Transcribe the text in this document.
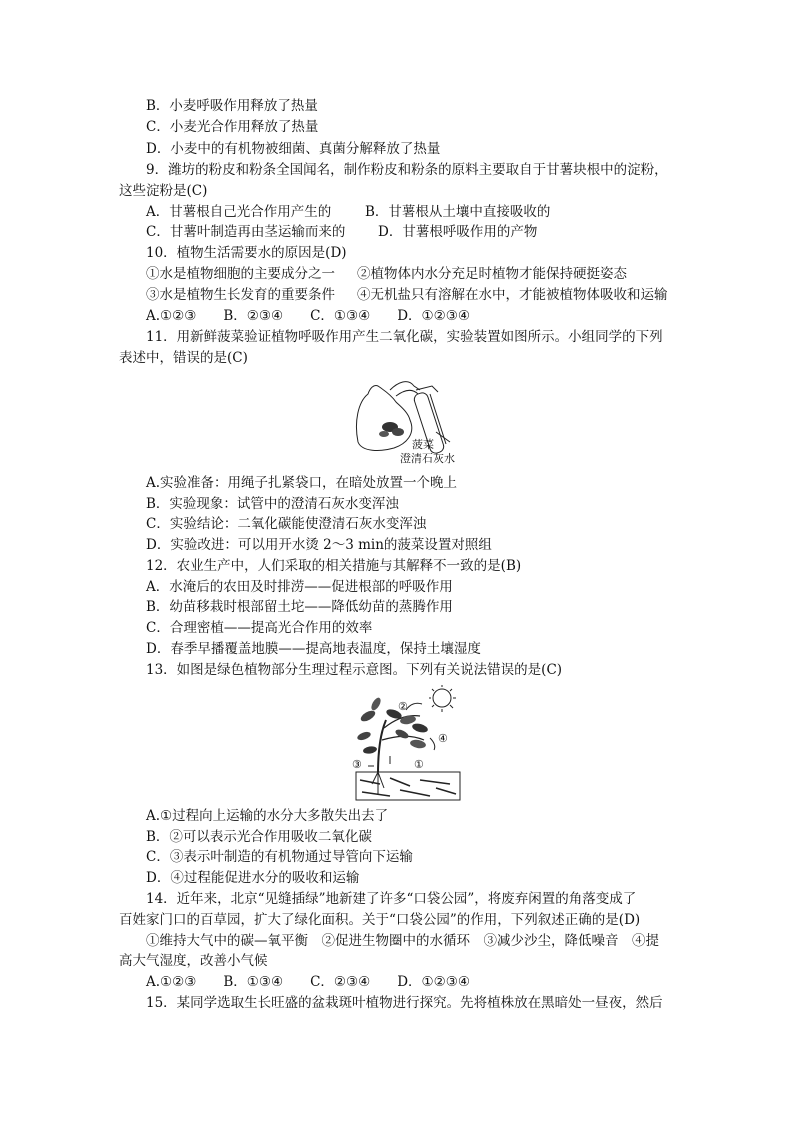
B．小麦呼吸作用释放了热量
C．小麦光合作用释放了热量
D．小麦中的有机物被细菌、真菌分解释放了热量
9．潍坊的粉皮和粉条全国闻名，制作粉皮和粉条的原料主要取自于甘薯块根中的淀粉，
这些淀粉是(C)
A．甘薯根自己光合作用产生的	B．甘薯根从土壤中直接吸收的
C．甘薯叶制造再由茎运输而来的 D．甘薯根呼吸作用的产物
10．植物生活需要水的原因是(D)
①水是植物细胞的主要成分之一 ②植物体内水分充足时植物才能保持硬挺姿态
③水是植物生长发育的重要条件 ④无机盐只有溶解在水中，才能被植物体吸收和运输
A.①②③　　B．②③④　　C．①③④　　D．①②③④
11．用新鲜菠菜验证植物呼吸作用产生二氧化碳，实验装置如图所示。小组同学的下列
表述中，错误的是(C)
菠菜
澄清石灰水
A.实验准备：用绳子扎紧袋口，在暗处放置一个晚上
B．实验现象：试管中的澄清石灰水变浑浊
C．实验结论：二氧化碳能使澄清石灰水变浑浊
D．实验改进：可以用开水烫 2～3 min的菠菜设置对照组
12．农业生产中，人们采取的相关措施与其解释不一致的是(B)
A．水淹后的农田及时排涝——促进根部的呼吸作用
B．幼苗移栽时根部留土坨——降低幼苗的蒸腾作用
C．合理密植——提高光合作用的效率
D．春季早播覆盖地膜——提高地表温度，保持土壤湿度
13．如图是绿色植物部分生理过程示意图。下列有关说法错误的是(C)
②
④
③	①
A.①过程向上运输的水分大多散失出去了
B．②可以表示光合作用吸收二氧化碳
C．③表示叶制造的有机物通过导管向下运输
D．④过程能促进水分的吸收和运输
14．近年来，北京“见缝插绿”地新建了许多“口袋公园”，将废弃闲置的角落变成了
百姓家门口的百草园，扩大了绿化面积。关于“口袋公园”的作用，下列叙述正确的是(D)
①维持大气中的碳—氧平衡　②促进生物圈中的水循环　③减少沙尘，降低噪音　④提
高大气湿度，改善小气候
A.①②③　　B．①③④　　C．②③④　　D．①②③④
15．某同学选取生长旺盛的盆栽斑叶植物进行探究。先将植株放在黑暗处一昼夜，然后
